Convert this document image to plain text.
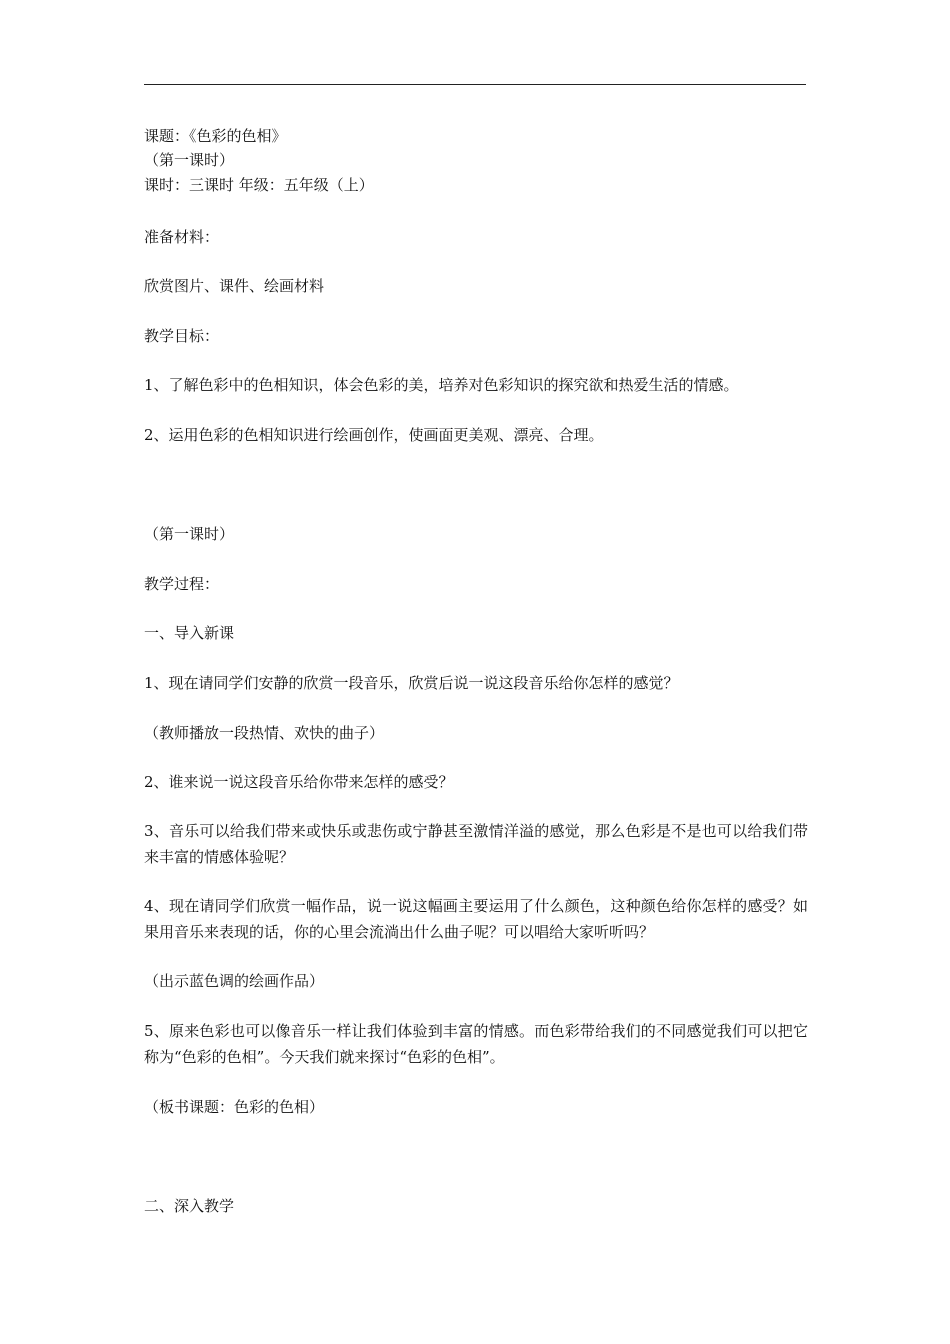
课题：《色彩的色相》
（第一课时）
课时：三课时 年级：五年级（上）
准备材料：
欣赏图片、课件、绘画材料
教学目标：
1、了解色彩中的色相知识，体会色彩的美，培养对色彩知识的探究欲和热爱生活的情感。
2、运用色彩的色相知识进行绘画创作，使画面更美观、漂亮、合理。
（第一课时）
教学过程：
一、导入新课
1、现在请同学们安静的欣赏一段音乐，欣赏后说一说这段音乐给你怎样的感觉？
（教师播放一段热情、欢快的曲子）
2、谁来说一说这段音乐给你带来怎样的感受？
3、音乐可以给我们带来或快乐或悲伤或宁静甚至激情洋溢的感觉，那么色彩是不是也可以给我们带来丰富的情感体验呢？
4、现在请同学们欣赏一幅作品，说一说这幅画主要运用了什么颜色，这种颜色给你怎样的感受？如果用音乐来表现的话，你的心里会流淌出什么曲子呢？可以唱给大家听听吗？
（出示蓝色调的绘画作品）
5、原来色彩也可以像音乐一样让我们体验到丰富的情感。而色彩带给我们的不同感觉我们可以把它称为“色彩的色相”。今天我们就来探讨“色彩的色相”。
（板书课题：色彩的色相）
二、深入教学
